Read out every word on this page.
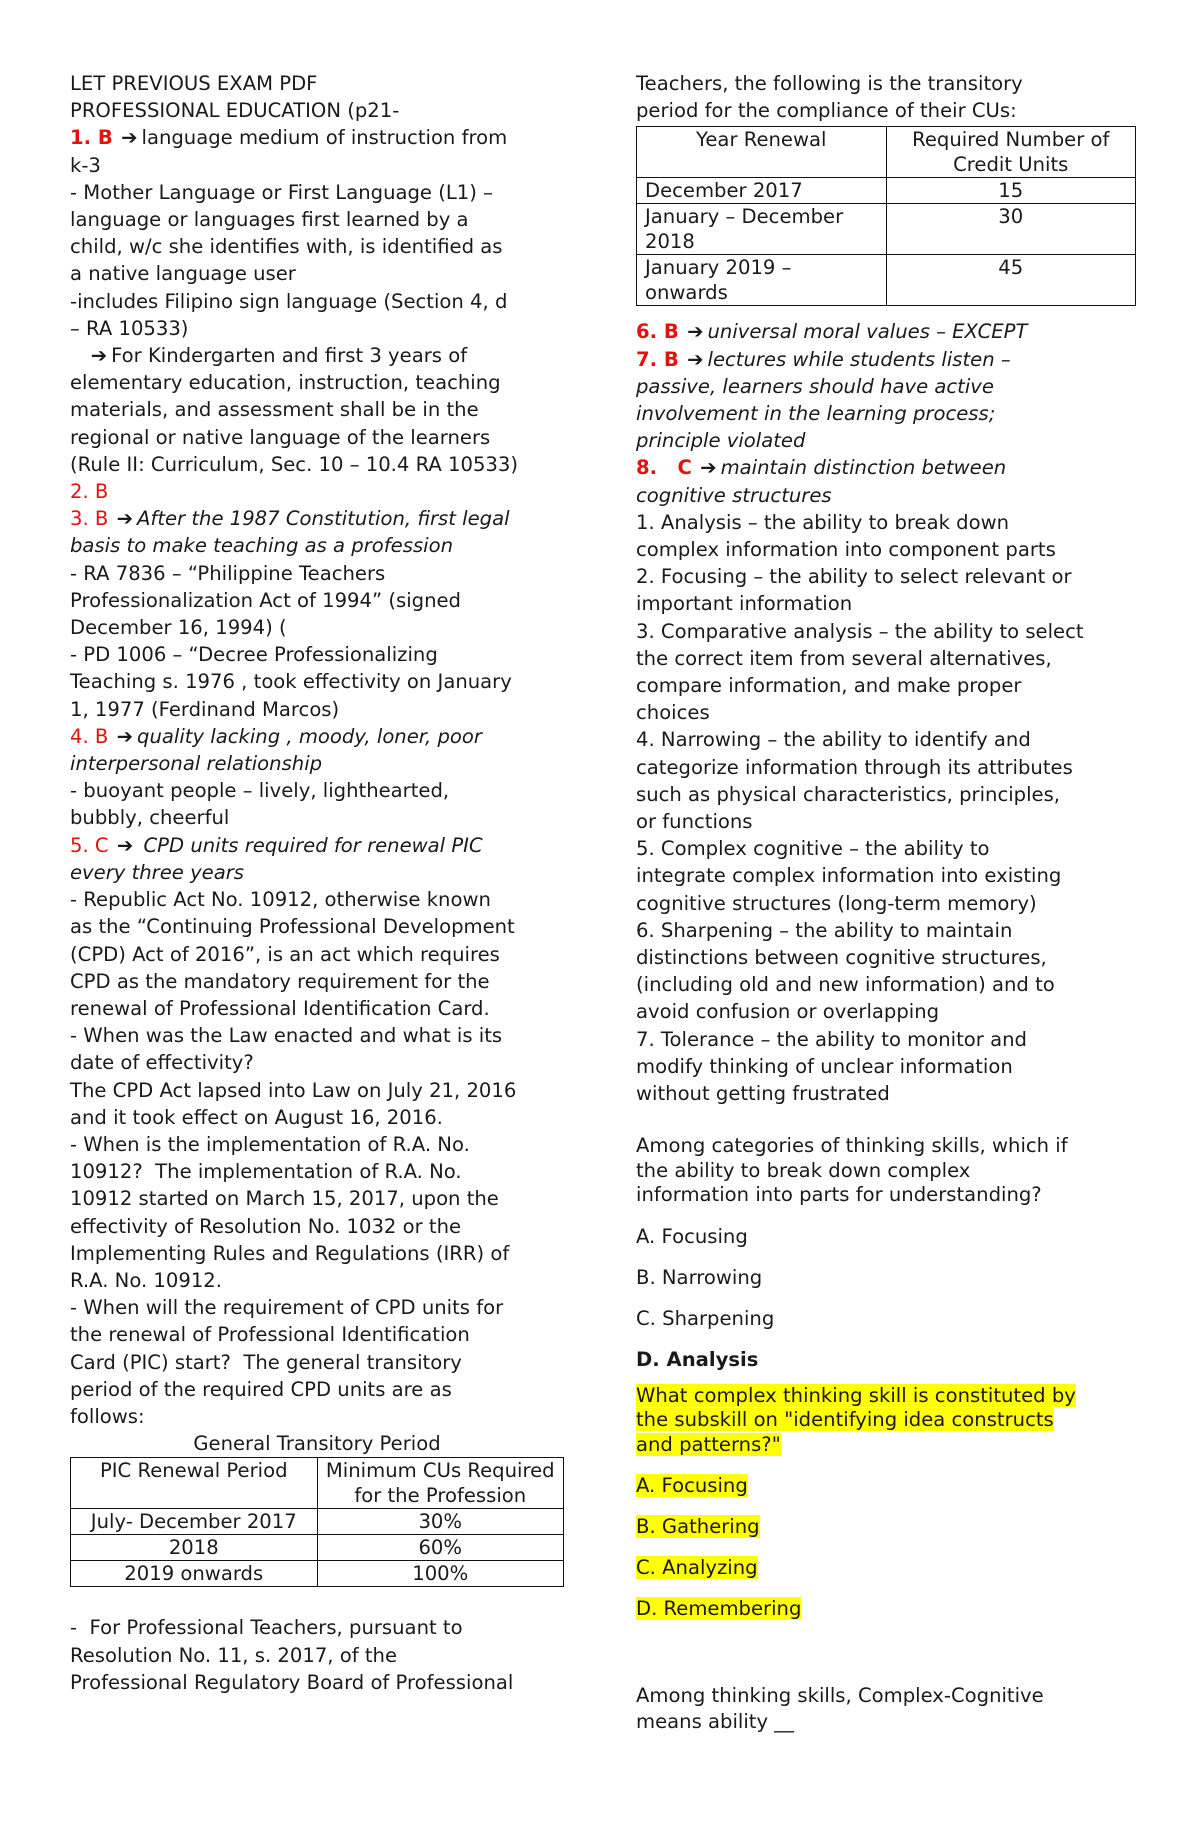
LET PREVIOUS EXAM PDF
PROFESSIONAL EDUCATION (p21-
1. B ➔ language medium of instruction from
k-3
- Mother Language or First Language (L1) –
language or languages first learned by a
child, w/c she identifies with, is identified as
a native language user
-includes Filipino sign language (Section 4, d
– RA 10533)
➔ For Kindergarten and first 3 years of
elementary education, instruction, teaching
materials, and assessment shall be in the
regional or native language of the learners
(Rule II: Curriculum, Sec. 10 – 10.4 RA 10533)
2. B
3. B ➔ After the 1987 Constitution, first legal
basis to make teaching as a profession
- RA 7836 – “Philippine Teachers
Professionalization Act of 1994” (signed
December 16, 1994) (
- PD 1006 – “Decree Professionalizing
Teaching s. 1976 , took effectivity on January
1, 1977 (Ferdinand Marcos)
4. B ➔ quality lacking , moody, loner, poor
interpersonal relationship
- buoyant people – lively, lighthearted,
bubbly, cheerful
5. C ➔ CPD units required for renewal PIC
every three years
- Republic Act No. 10912, otherwise known
as the “Continuing Professional Development
(CPD) Act of 2016”, is an act which requires
CPD as the mandatory requirement for the
renewal of Professional Identification Card.
- When was the Law enacted and what is its
date of effectivity?
The CPD Act lapsed into Law on July 21, 2016
and it took effect on August 16, 2016.
- When is the implementation of R.A. No.
10912?  The implementation of R.A. No.
10912 started on March 15, 2017, upon the
effectivity of Resolution No. 1032 or the
Implementing Rules and Regulations (IRR) of
R.A. No. 10912.
- When will the requirement of CPD units for
the renewal of Professional Identification
Card (PIC) start?  The general transitory
period of the required CPD units are as
follows:
General Transitory Period
PIC Renewal Period	Minimum CUs Required for the Profession
July- December 2017	30%
2018	60%
2019 onwards	100%
-  For Professional Teachers, pursuant to
Resolution No. 11, s. 2017, of the
Professional Regulatory Board of Professional
Teachers, the following is the transitory
period for the compliance of their CUs:
Year Renewal	Required Number of Credit Units
December 2017	15
January – December 2018	30
January 2019 – onwards	45
6. B ➔ universal moral values – EXCEPT
7. B ➔ lectures while students listen –
passive, learners should have active
involvement in the learning process;
principle violated
8.   C ➔ maintain distinction between
cognitive structures
1. Analysis – the ability to break down
complex information into component parts
2. Focusing – the ability to select relevant or
important information
3. Comparative analysis – the ability to select
the correct item from several alternatives,
compare information, and make proper
choices
4. Narrowing – the ability to identify and
categorize information through its attributes
such as physical characteristics, principles,
or functions
5. Complex cognitive – the ability to
integrate complex information into existing
cognitive structures (long-term memory)
6. Sharpening – the ability to maintain
distinctions between cognitive structures,
(including old and new information) and to
avoid confusion or overlapping
7. Tolerance – the ability to monitor and
modify thinking of unclear information
without getting frustrated
Among categories of thinking skills, which if
the ability to break down complex
information into parts for understanding?
A. Focusing
B. Narrowing
C. Sharpening
D. Analysis
What complex thinking skill is constituted by
the subskill on "identifying idea constructs
and patterns?"
A. Focusing
B. Gathering
C. Analyzing
D. Remembering
Among thinking skills, Complex-Cognitive
means ability __
